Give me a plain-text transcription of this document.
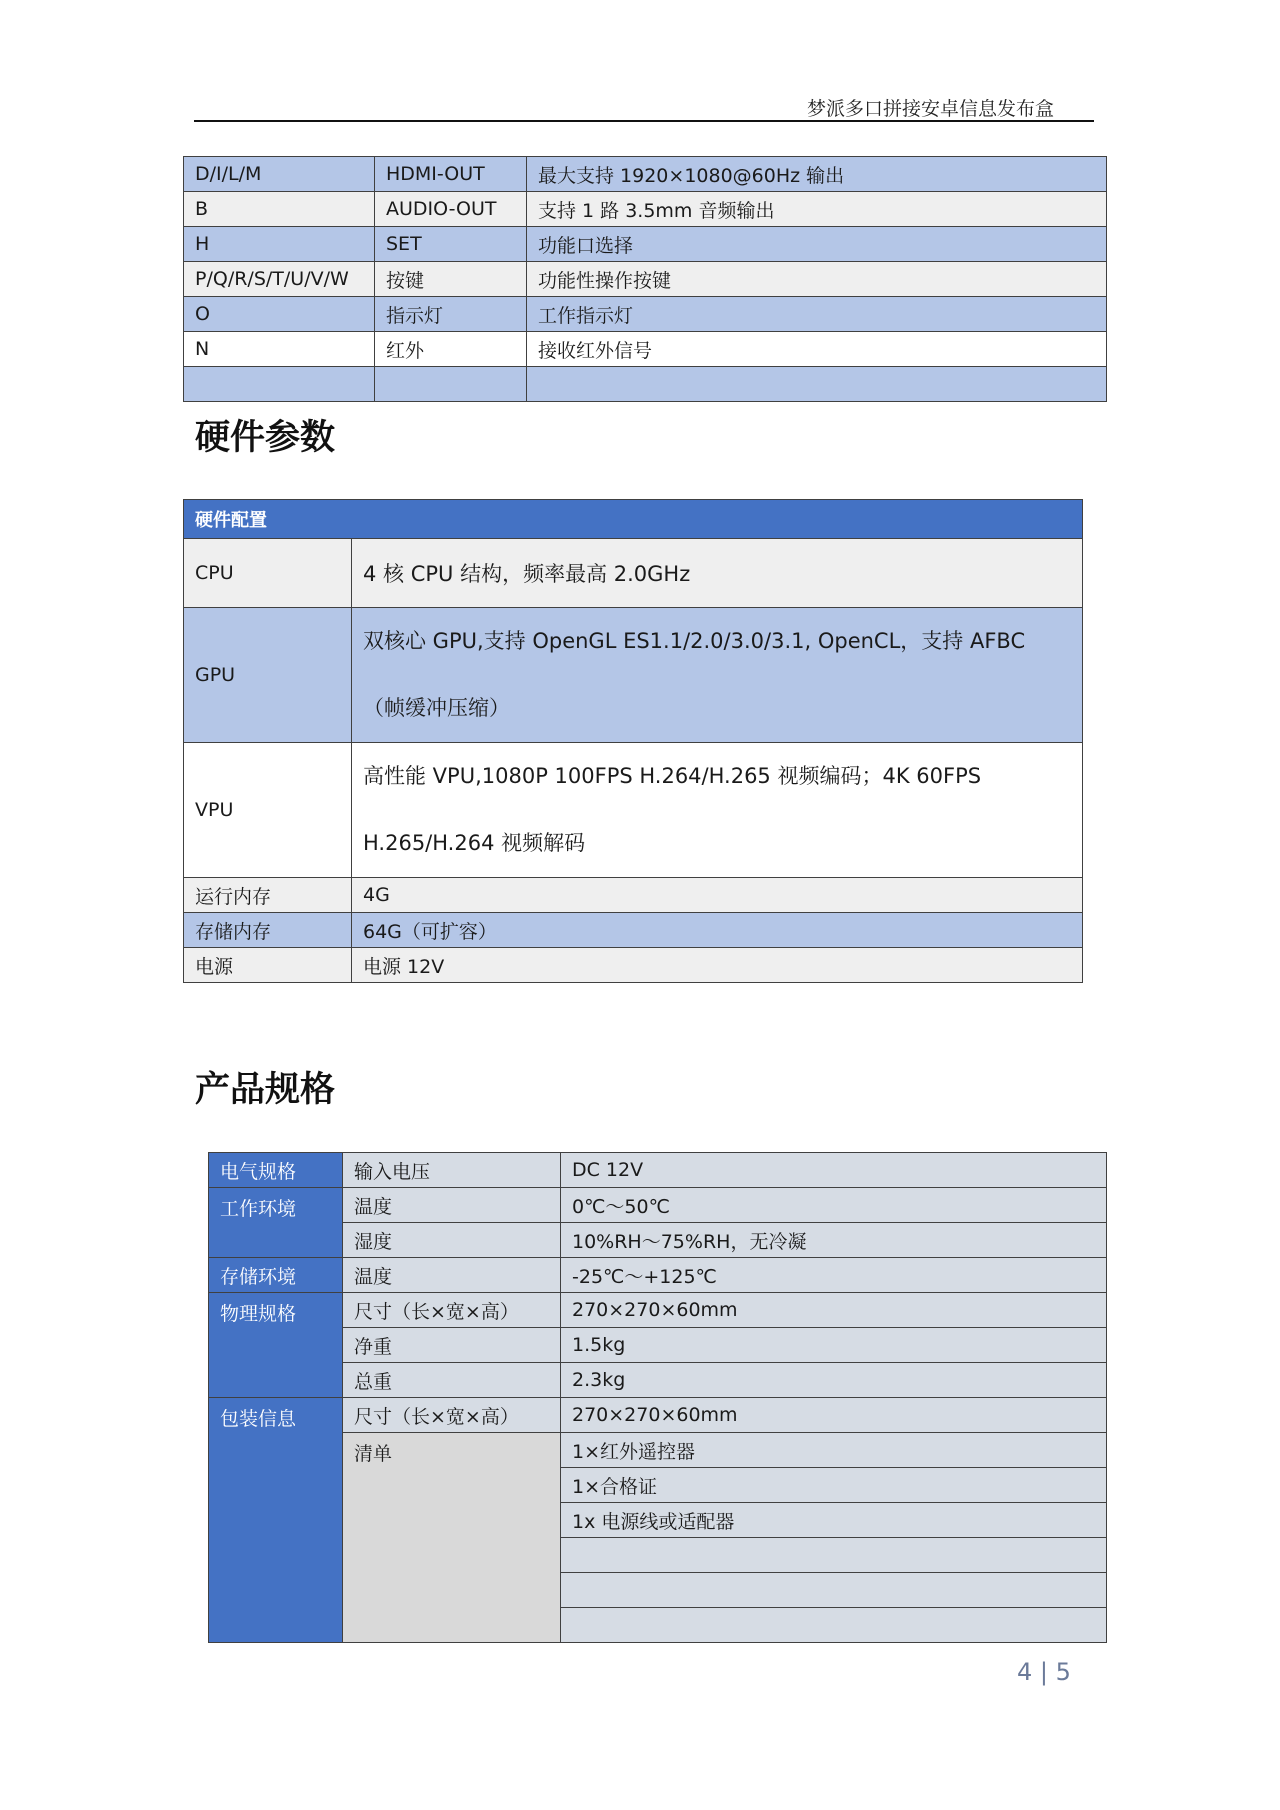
梦派多口拼接安卓信息发布盒
D/I/L/M	HDMI-OUT	最大支持 1920×1080@60Hz 输出
B	AUDIO-OUT	支持 1 路 3.5mm 音频输出
H	SET	功能口选择
P/Q/R/S/T/U/V/W	按键	功能性操作按键
O	指示灯	工作指示灯
N	红外	接收红外信号

硬件参数
硬件配置	
CPU	4 核 CPU 结构，频率最高 2.0GHz
GPU	双核心 GPU,支持 OpenGL ES1.1/2.0/3.0/3.1, OpenCL，支持 AFBC（帧缓冲压缩）
VPU	高性能 VPU,1080P 100FPS H.264/H.265 视频编码；4K 60FPS H.265/H.264 视频解码
运行内存	4G
存储内存	64G（可扩容）
电源	电源 12V
产品规格
电气规格	输入电压	DC 12V
工作环境	温度	0℃～50℃
	湿度	10%RH～75%RH，无冷凝
存储环境	温度	-25℃～+125℃
物理规格	尺寸（长×宽×高）	270×270×60mm
	净重	1.5kg
	总重	2.3kg
包装信息	尺寸（长×宽×高）	270×270×60mm
	清单	1×红外遥控器
		1×合格证
		1x 电源线或适配器

4 | 5
